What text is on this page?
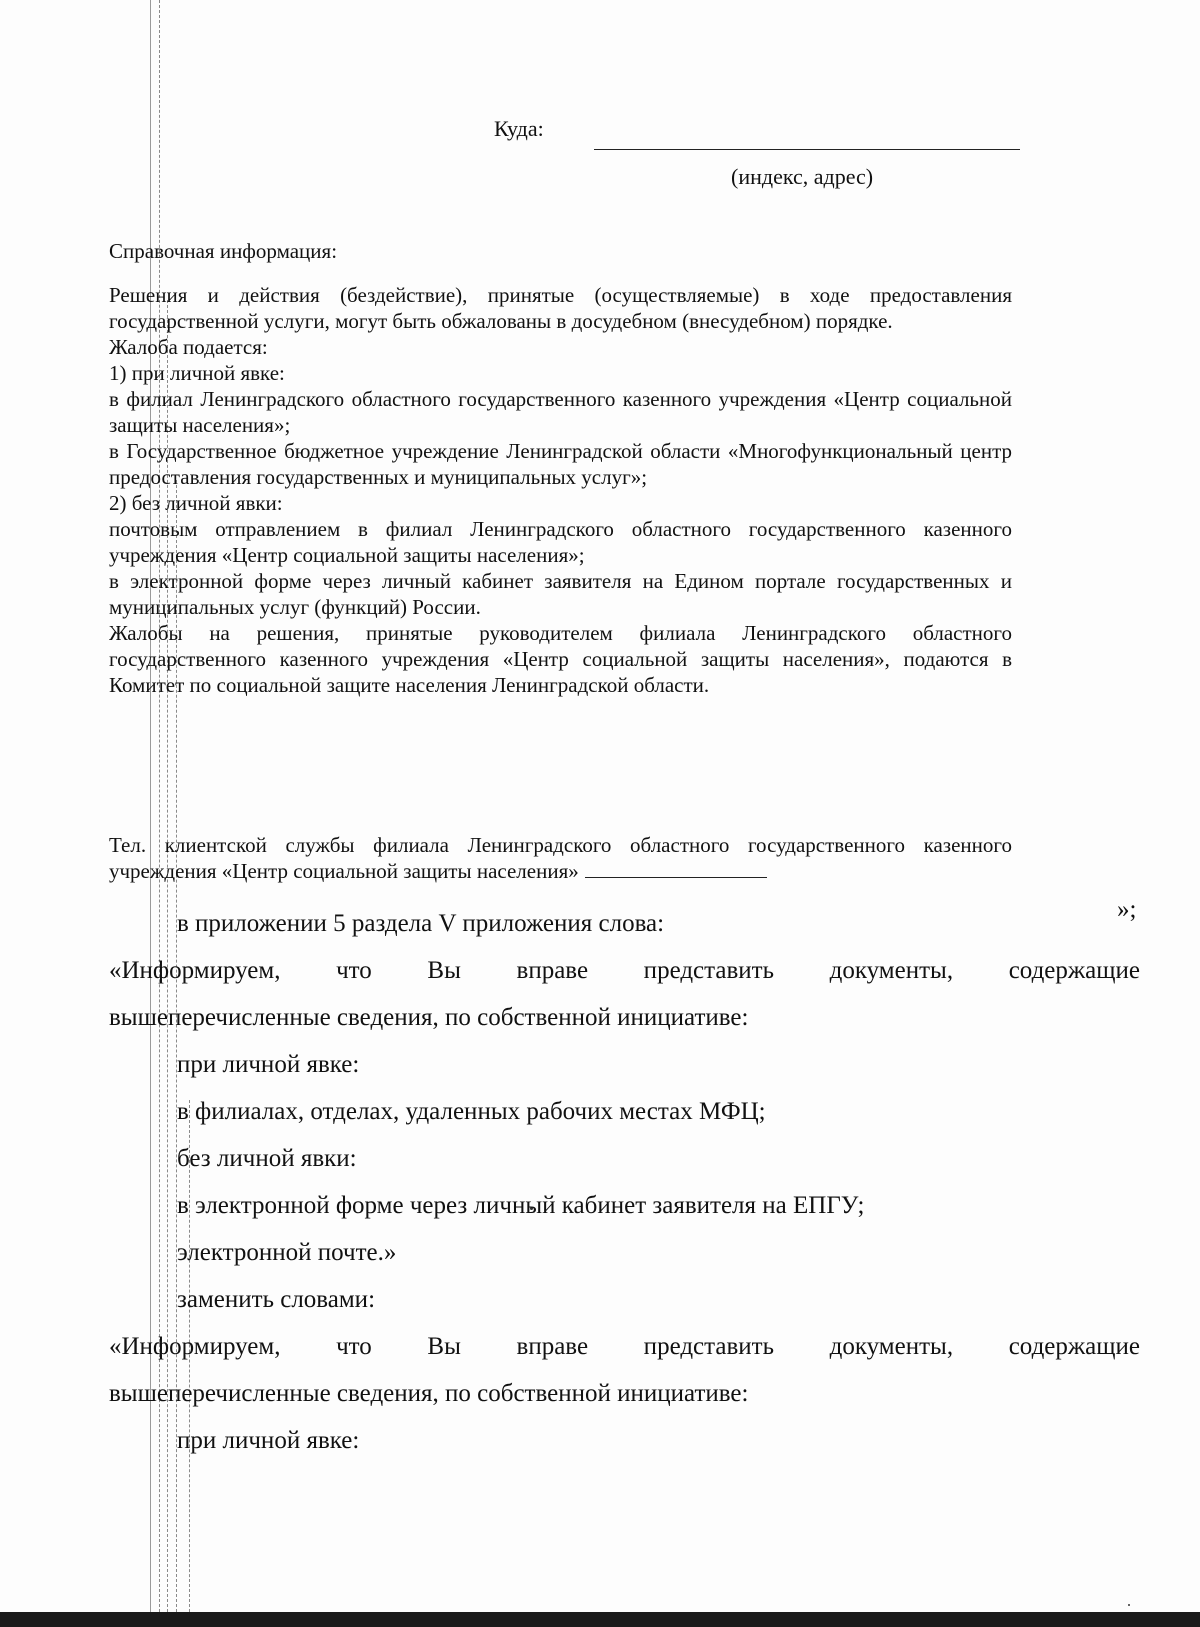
Куда:
(индекс, адрес)
Справочная информация:

Решения и действия (бездействие), принятые (осуществляемые) в ходе предоставления государственной услуги, могут быть обжалованы в досудебном (внесудебном) порядке.

Жалоба подается:

1) при личной явке:

в филиал Ленинградского областного государственного казенного учреждения «Центр социальной защиты населения»;

в Государственное бюджетное учреждение Ленинградской области «Многофункциональный центр предоставления государственных и муниципальных услуг»;

2) без личной явки:

почтовым отправлением в филиал Ленинградского областного государственного казенного учреждения «Центр социальной защиты населения»;

в электронной форме через личный кабинет заявителя на Едином портале государственных и муниципальных услуг (функций) России.

Жалобы на решения, принятые руководителем филиала Ленинградского областного государственного казенного учреждения «Центр социальной защиты населения», подаются в Комитет по социальной защите населения Ленинградской области.

Тел. клиентской службы филиала Ленинградского областного государственного казенного учреждения «Центр социальной защиты населения»

»;
в приложении 5 раздела V приложения слова:
«Информируем, что Вы вправе представить документы, содержащие
вышеперечисленные сведения, по собственной инициативе:
при личной явке:
в филиалах, отделах, удаленных рабочих местах МФЦ;
без личной явки:
в электронной форме через личный кабинет заявителя на ЕПГУ;
электронной почте.»
заменить словами:
«Информируем, что Вы вправе представить документы, содержащие
вышеперечисленные сведения, по собственной инициативе:
при личной явке:
